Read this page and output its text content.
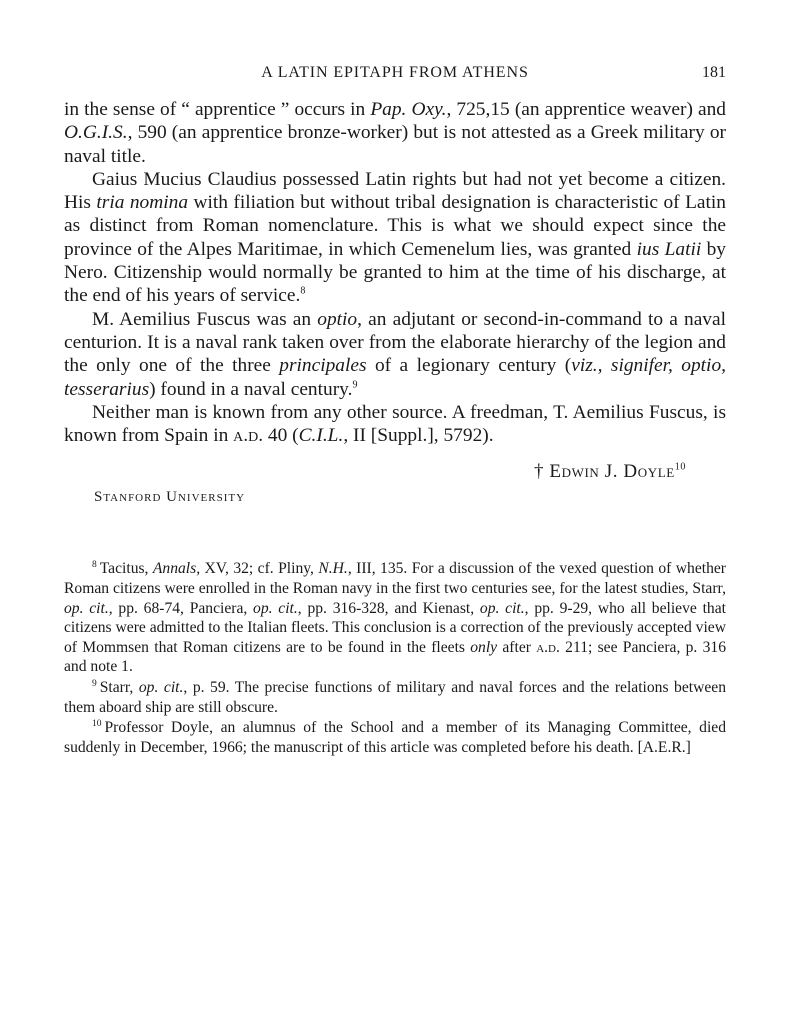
A LATIN EPITAPH FROM ATHENS	181

in the sense of “ apprentice ” occurs in Pap. Oxy., 725,15 (an apprentice weaver) and O.G.I.S., 590 (an apprentice bronze-worker) but is not attested as a Greek military or naval title.

Gaius Mucius Claudius possessed Latin rights but had not yet become a citizen. His tria nomina with filiation but without tribal designation is characteristic of Latin as distinct from Roman nomenclature. This is what we should expect since the province of the Alpes Maritimae, in which Cemenelum lies, was granted ius Latii by Nero. Citizenship would normally be granted to him at the time of his discharge, at the end of his years of service.$^8$

M. Aemilius Fuscus was an optio, an adjutant or second-in-command to a naval centurion. It is a naval rank taken over from the elaborate hierarchy of the legion and the only one of the three principales of a legionary century (viz., signifer, optio, tesserarius) found in a naval century.$^9$

Neither man is known from any other source. A freedman, T. Aemilius Fuscus, is known from Spain in a.d. 40 (C.I.L., II [Suppl.], 5792).

† Edwin J. Doyle$^{10}$
Stanford University

$^8$ Tacitus, Annals, XV, 32; cf. Pliny, N.H., III, 135. For a discussion of the vexed question of whether Roman citizens were enrolled in the Roman navy in the first two centuries see, for the latest studies, Starr, op. cit., pp. 68-74, Panciera, op. cit., pp. 316-328, and Kienast, op. cit., pp. 9-29, who all believe that citizens were admitted to the Italian fleets. This conclusion is a correction of the previously accepted view of Mommsen that Roman citizens are to be found in the fleets only after a.d. 211; see Panciera, p. 316 and note 1.

$^9$ Starr, op. cit., p. 59. The precise functions of military and naval forces and the relations between them aboard ship are still obscure.

$^{10}$ Professor Doyle, an alumnus of the School and a member of its Managing Committee, died suddenly in December, 1966; the manuscript of this article was completed before his death. [A.E.R.]
